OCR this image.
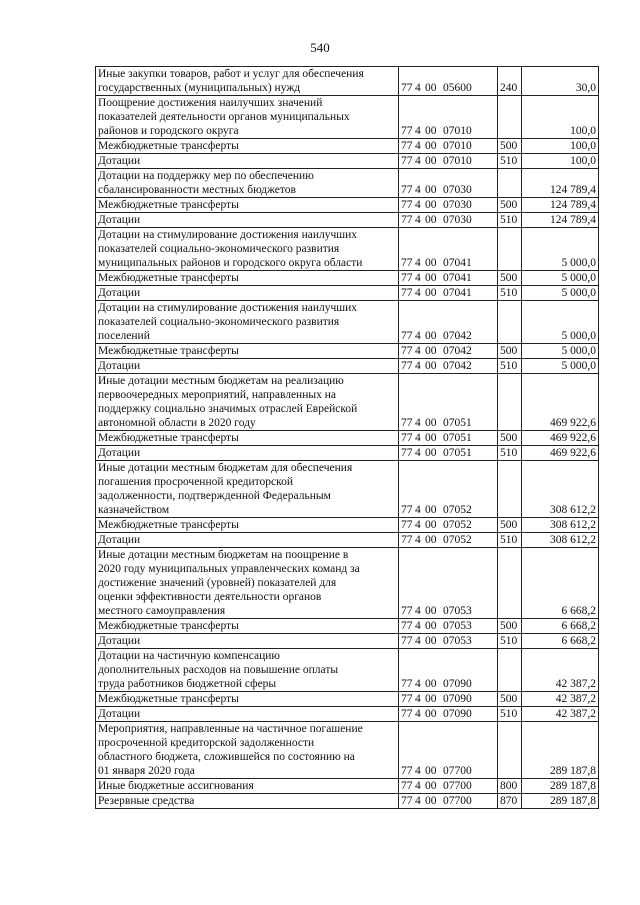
540
Иные закупки товаров, работ и услуг для обеспечения
государственных (муниципальных) нужд	77 4 00 05600	240	30,0

Поощрение достижения наилучших значений
показателей деятельности органов муниципальных
районов и городского округа	77 4 00 07010		100,0

Межбюджетные трансферты	77 4 00 07010	500	100,0

Дотации	77 4 00 07010	510	100,0

Дотации на поддержку мер по обеспечению
сбалансированности местных бюджетов	77 4 00 07030		124 789,4

Межбюджетные трансферты	77 4 00 07030	500	124 789,4

Дотации	77 4 00 07030	510	124 789,4

Дотации на стимулирование достижения наилучших
показателей социально-экономического развития
муниципальных районов и городского округа области	77 4 00 07041		5 000,0

Межбюджетные трансферты	77 4 00 07041	500	5 000,0

Дотации	77 4 00 07041	510	5 000,0

Дотации на стимулирование достижения наилучших
показателей социально-экономического развития
поселений	77 4 00 07042		5 000,0

Межбюджетные трансферты	77 4 00 07042	500	5 000,0

Дотации	77 4 00 07042	510	5 000,0

Иные дотации местным бюджетам на реализацию
первоочередных мероприятий, направленных на
поддержку социально значимых отраслей Еврейской
автономной области в 2020 году	77 4 00 07051		469 922,6

Межбюджетные трансферты	77 4 00 07051	500	469 922,6

Дотации	77 4 00 07051	510	469 922,6

Иные дотации местным бюджетам для обеспечения
погашения просроченной кредиторской
задолженности, подтвержденной Федеральным
казначейством	77 4 00 07052		308 612,2

Межбюджетные трансферты	77 4 00 07052	500	308 612,2

Дотации	77 4 00 07052	510	308 612,2

Иные дотации местным бюджетам на поощрение в
2020 году муниципальных управленческих команд за
достижение значений (уровней) показателей для
оценки эффективности деятельности органов
местного самоуправления	77 4 00 07053		6 668,2

Межбюджетные трансферты	77 4 00 07053	500	6 668,2

Дотации	77 4 00 07053	510	6 668,2

Дотации на частичную компенсацию
дополнительных расходов на повышение оплаты
труда работников бюджетной сферы	77 4 00 07090		42 387,2

Межбюджетные трансферты	77 4 00 07090	500	42 387,2

Дотации	77 4 00 07090	510	42 387,2

Мероприятия, направленные на частичное погашение
просроченной кредиторской задолженности
областного бюджета, сложившейся по состоянию на
01 января 2020 года	77 4 00 07700		289 187,8

Иные бюджетные ассигнования	77 4 00 07700	800	289 187,8

Резервные средства	77 4 00 07700	870	289 187,8
